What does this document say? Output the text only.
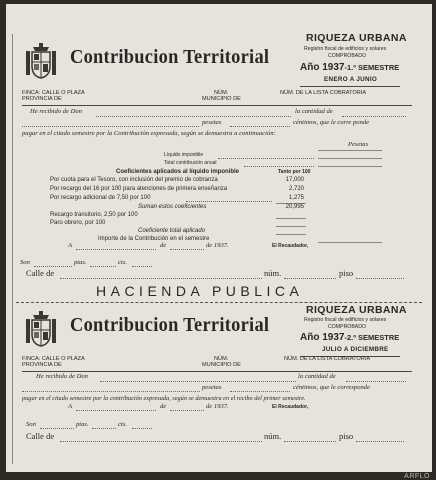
Contribucion Territorial
RIQUEZA URBANA
Registro fiscal de edificios y solares
COMPROBADO
Año 1937-1.º SEMESTRE
ENERO A JUNIO
FINCA: CALLE O PLAZA
PROVINCIA DE
NÚM.
MUNICIPIO DE
NÚM. DE LA LISTA COBRATORIA
He recibido de Don	la cantidad de
pesetas	céntimos, que le corre ponde
pagar en el citado semestre por la Contribución expresada, según se demuestra a continuación:
Pesetas
Líquido imponible
Total contribución anual
Coeficientes aplicados al líquido imponible	Tanto por 100
Por cuota para el Tesoro, con inclusión del premio de cobranza	17,000
Por recargo del 16 por 100 para atenciones de primera enseñanza	2,720
Por recargo adicional de 7,50 por 100	1,275
Suman estos coeficientes	20,995
Recargo transitorio, 2,50 por 100
Paro obrero, por 100
Coeficiente total aplicado
Importe de la Contribución en el semestre
A	de	de 1937.	El Recaudador,
Son	ptas.	cts.
Calle de	núm.	piso
HACIENDA PUBLICA
Contribucion Territorial
RIQUEZA URBANA
Registro fiscal de edificios y solares
COMPROBADO
Año 1937-2.º SEMESTRE
JULIO A DICIEMBRE
FINCA: CALLE O PLAZA
PROVINCIA DE
NÚM.
MUNICIPIO DE
NÚM. DE LA LISTA COBRATORIA
He recibido de Don	la cantidad de
pesetas	céntimos, que le corresponde
pagar en el citado semestre por la contribución expresada, según se demuestra en el recibo del primer semestre.
A	de	de 1937.	El Recaudador,
Son	ptas.	cts.
Calle de	núm.	piso
ARFLO
